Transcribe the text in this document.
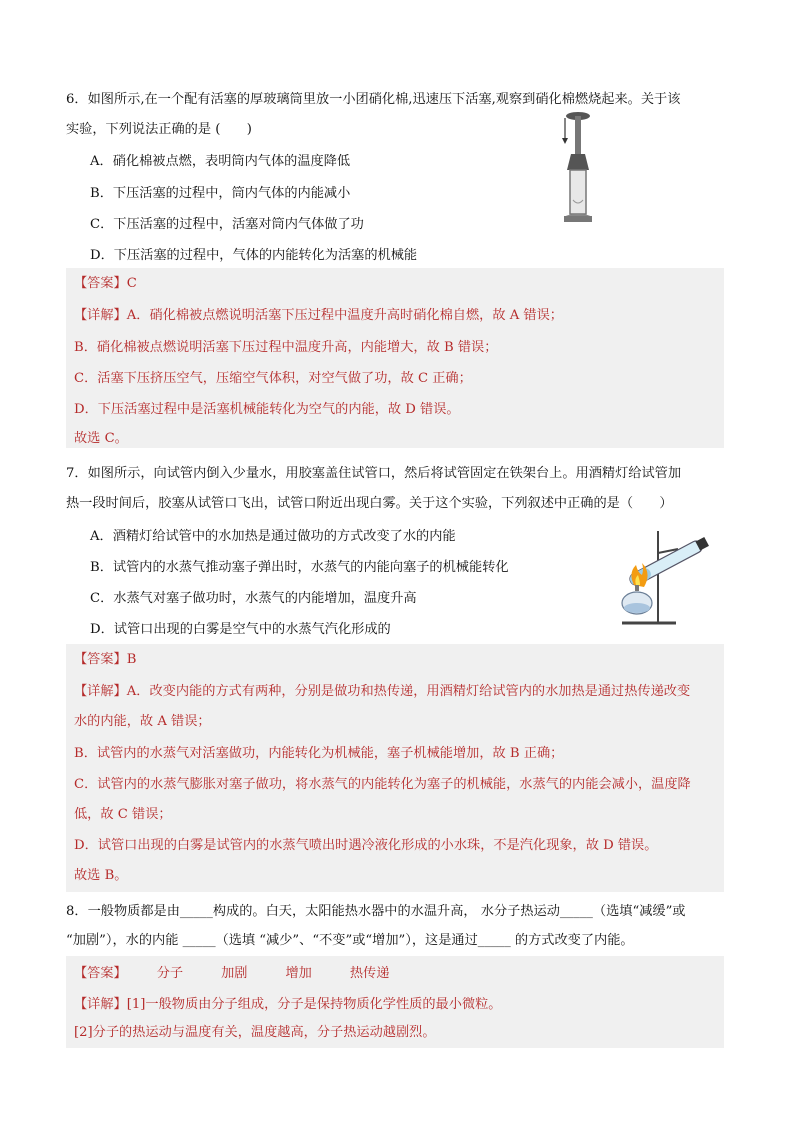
6．如图所示,在一个配有活塞的厚玻璃筒里放一小团硝化棉,迅速压下活塞,观察到硝化棉燃烧起来。关于该
实验，下列说法正确的是 (　　)
A．硝化棉被点燃，表明筒内气体的温度降低
B．下压活塞的过程中，筒内气体的内能减小
C．下压活塞的过程中，活塞对筒内气体做了功
D．下压活塞的过程中，气体的内能转化为活塞的机械能
【答案】C
【详解】A．硝化棉被点燃说明活塞下压过程中温度升高时硝化棉自燃，故 A 错误；
B．硝化棉被点燃说明活塞下压过程中温度升高，内能增大，故 B 错误；
C．活塞下压挤压空气，压缩空气体积，对空气做了功，故 C 正确；
D．下压活塞过程中是活塞机械能转化为空气的内能，故 D 错误。
故选 C。
7．如图所示，向试管内倒入少量水，用胶塞盖住试管口，然后将试管固定在铁架台上。用酒精灯给试管加
热一段时间后，胶塞从试管口飞出，试管口附近出现白雾。关于这个实验，下列叙述中正确的是（　　）
A．酒精灯给试管中的水加热是通过做功的方式改变了水的内能
B．试管内的水蒸气推动塞子弹出时，水蒸气的内能向塞子的机械能转化
C．水蒸气对塞子做功时，水蒸气的内能增加，温度升高
D．试管口出现的白雾是空气中的水蒸气汽化形成的
【答案】B
【详解】A．改变内能的方式有两种，分别是做功和热传递，用酒精灯给试管内的水加热是通过热传递改变
水的内能，故 A 错误；
B．试管内的水蒸气对活塞做功，内能转化为机械能，塞子机械能增加，故 B 正确；
C．试管内的水蒸气膨胀对塞子做功，将水蒸气的内能转化为塞子的机械能，水蒸气的内能会减小，温度降
低，故 C 错误；
D．试管口出现的白雾是试管内的水蒸气喷出时遇冷液化形成的小水珠，不是汽化现象，故 D 错误。
故选 B。
8．一般物质都是由_____构成的。白天，太阳能热水器中的水温升高， 水分子热运动_____（选填“减缓”或
“加剧”），水的内能 _____（选填 “减少”、“不变”或“增加”），这是通过_____ 的方式改变了内能。
【答案】 分子	加剧	增加	热传递
【详解】[1]一般物质由分子组成，分子是保持物质化学性质的最小微粒。
[2]分子的热运动与温度有关，温度越高，分子热运动越剧烈。
